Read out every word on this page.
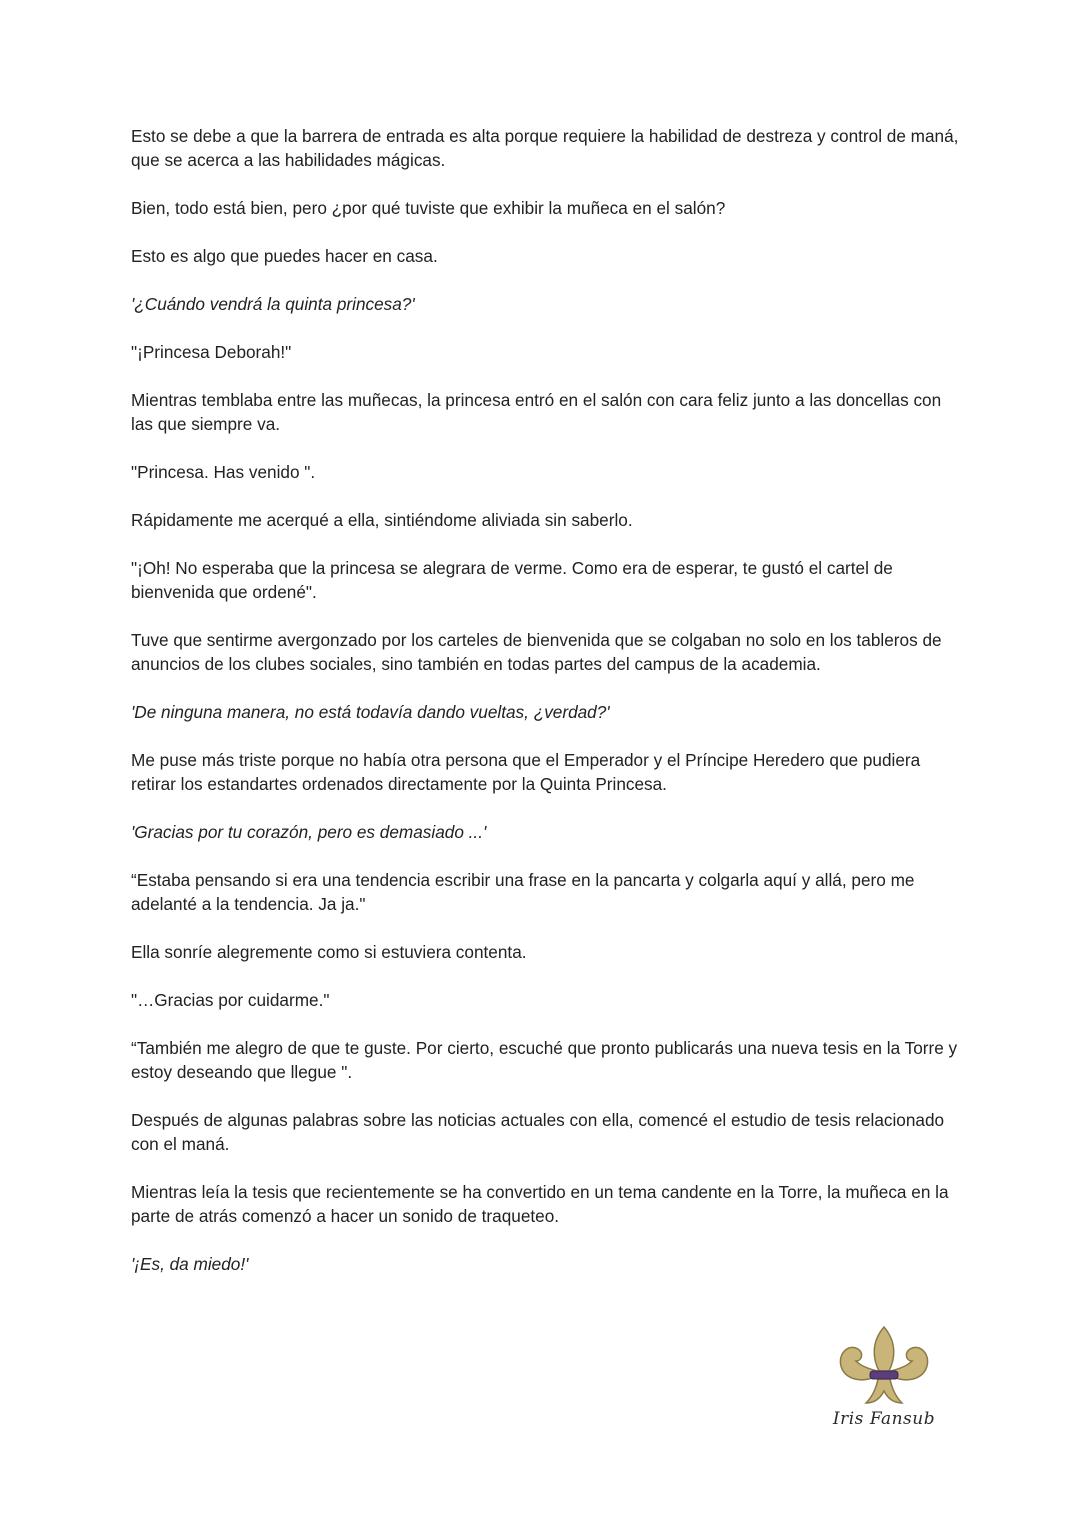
Esto se debe a que la barrera de entrada es alta porque requiere la habilidad de destreza y control de maná, que se acerca a las habilidades mágicas.

Bien, todo está bien, pero ¿por qué tuviste que exhibir la muñeca en el salón?

Esto es algo que puedes hacer en casa.

'¿Cuándo vendrá la quinta princesa?'

"¡Princesa Deborah!"

Mientras temblaba entre las muñecas, la princesa entró en el salón con cara feliz junto a las doncellas con las que siempre va.

"Princesa. Has venido ".

Rápidamente me acerqué a ella, sintiéndome aliviada sin saberlo.

"¡Oh! No esperaba que la princesa se alegrara de verme. Como era de esperar, te gustó el cartel de bienvenida que ordené".

Tuve que sentirme avergonzado por los carteles de bienvenida que se colgaban no solo en los tableros de anuncios de los clubes sociales, sino también en todas partes del campus de la academia.

'De ninguna manera, no está todavía dando vueltas, ¿verdad?'

Me puse más triste porque no había otra persona que el Emperador y el Príncipe Heredero que pudiera retirar los estandartes ordenados directamente por la Quinta Princesa.

'Gracias por tu corazón, pero es demasiado ...'

“Estaba pensando si era una tendencia escribir una frase en la pancarta y colgarla aquí y allá, pero me adelanté a la tendencia. Ja ja."

Ella sonríe alegremente como si estuviera contenta.

"…Gracias por cuidarme."

“También me alegro de que te guste. Por cierto, escuché que pronto publicarás una nueva tesis en la Torre y estoy deseando que llegue ".

Después de algunas palabras sobre las noticias actuales con ella, comencé el estudio de tesis relacionado con el maná.

Mientras leía la tesis que recientemente se ha convertido en un tema candente en la Torre, la muñeca en la parte de atrás comenzó a hacer un sonido de traqueteo.

'¡Es, da miedo!'

Iris Fansub
